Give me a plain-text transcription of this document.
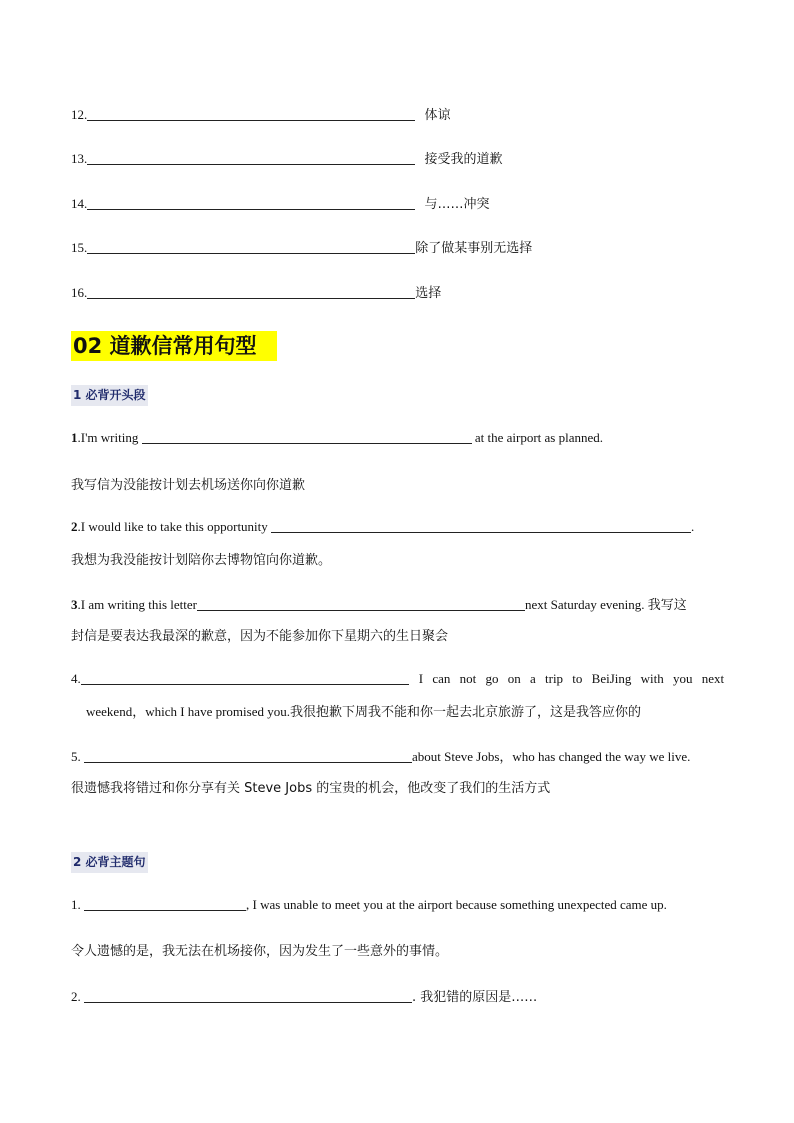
12.	体谅
13.	接受我的道歉
14.	与……冲突
15.	除了做某事别无选择
16.	选择
02 道歉信常用句型
1 必背开头段
1.I'm writing	at the airport as planned.
我写信为没能按计划去机场送你向你道歉
2.I would like to take this opportunity	.
我想为我没能按计划陪你去博物馆向你道歉。
3.I am writing this letter	next Saturday evening. 我写这
封信是要表达我最深的歉意，因为不能参加你下星期六的生日聚会
4.	I can not go on a trip to BeiJing with you next
weekend，which I have promised you.我很抱歉下周我不能和你一起去北京旅游了，这是我答应你的
5.	about Steve Jobs，who has changed the way we live.
很遗憾我将错过和你分享有关 Steve Jobs 的宝贵的机会，他改变了我们的生活方式
2 必背主题句
1.	, I was unable to meet you at the airport because something unexpected came up.
令人遗憾的是，我无法在机场接你，因为发生了一些意外的事情。
2.	. 我犯错的原因是……
